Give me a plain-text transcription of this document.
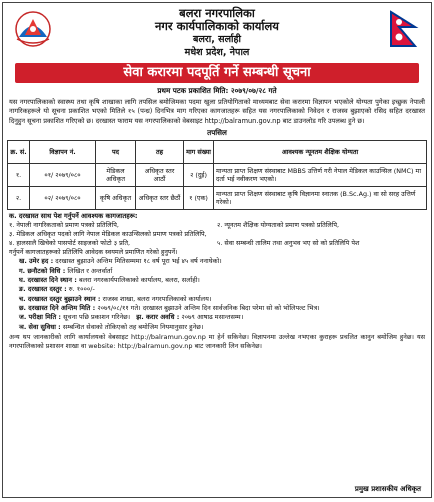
बलरा नगरपालिका
नगर कार्यपालिकाको कार्यालय
बलरा, सर्लाही
मधेश प्रदेश, नेपाल
सेवा करारमा पदपूर्ति गर्ने सम्बन्धी सूचना
प्रथम पटक प्रकाशित मिति: २०७९/०७/२८ गते
यस नगरपालिकाको स्वास्थ्य तथा कृषि शाखाका लागि तपसिल बमोजिमका पदमा खुला प्रतियोगिताको माध्यमबाट सेवा करारमा विज्ञापन भएकोले योग्यता पुगेका इच्छुक नेपाली नागरिकहरूले यो सूचना प्रकाशित भएको मितिले १५ (पन्ध्र) दिनभित्र माग गरिएका कागजातहरू सहित यस नगरपालिकाको निवेदन र राजस्व बुझाएको रसिद सहित दरखास्त दिनुहुन सूचना प्रकाशित गरिएको छ। दरखास्त फाराम यस नगरपालिकाको वेबसाइट http://balramun.gov.np बाट डाउनलोड गरि उपलब्ध हुने छ।
तपसिल
क्र. सं.	विज्ञापन नं.	पद	तह	माग संख्या	आवश्यक न्यूनतम शैक्षिक योग्यता
१.	०१/ २०७९/०८०	मेडिकल अधिकृत	अधिकृत स्तर आठौं	२ (दुई)	मान्यता प्राप्त शिक्षण संस्थाबाट MBBS उत्तिर्ण गरी नेपाल मेडिकल काउन्सिल (NMC) मा दर्ता भई नवीकरण भएको।
२.	०२/ २०७९/०८०	कृषि अधिकृत	अधिकृत स्तर छैठौं	१ (एक)	मान्यता प्राप्त शिक्षण संस्थाबाट कृषि विज्ञानमा स्नातक (B.Sc.Ag.) वा सो सरह उत्तिर्ण गरेको।
क. दरखास्त साथ पेश गर्नुपर्ने आवश्यक कागजातहरू:
१. नेपाली नागरिकताको प्रमाण पत्रको प्रतिलिपि,	२. न्यूनतम शैक्षिक योग्यताको प्रमाण पत्रको प्रतिलिपि,
३. मेडिकल अधिकृत पदको लागि नेपाल मेडिकल काउन्सिलको प्रमाण पत्रको प्रतिलिपि,
४. हालसालै खिचेको पासपोर्ट साइजको फोटो ३ प्रति,	५. सेवा सम्बन्धी तालिम तथा अनुभव भए सो को प्रतिलिपि पेश
गर्नुपर्ने कागजातहरूको प्रतिलिपि आवेदक स्वयमले प्रमाणित गरेको हुनुपर्ने।
ख. उमेर हद : दरखास्त बुझाउने अन्तिम मितिसम्ममा १८ वर्ष पूरा भई ४५ वर्ष ननाघेको।
ग. छनौटको विधि : लिखित र अन्तर्वार्ता
घ. दरखास्त दिने स्थान : बलरा नगरकार्यपालिकाको कार्यालय, बलरा, सर्लाही।
ङ. दरखास्त दस्तुर : रु. १०००/-
च. दरखास्त दस्तुर बुझाउने स्थान : राजस्व शाखा, बलरा नगरपालिकाको कार्यालय।
छ. दरखास्त दिने अन्तिम मिति : २०७९/०८/११ गते। दरखास्त बुझाउने अन्तिम दिन सार्वजनिक बिदा परेमा सो को भोलिपल्ट भित्र।
ज. परीक्षा मिति : सूचना पछि प्रकाशन गरिनेछ। झ. करार अवधि : २०७९ आषाढ मसान्तसम्म।
ञ. सेवा सुविधा : सम्बन्धित सेवाको तोकिएको तह बमोजिम नियमानुसार हुनेछ।
अन्य थप जानकारीको लागि कार्यालयको वेबसाइट http://balramun.gov.np मा हेर्न सकिनेछ। विज्ञापनमा उल्लेख नभएका कुराहरू प्रचलित कानुन बमोजिम हुनेछ। यस नगरपालिकाको प्रशासन शाखा वा website: http://balramun.gov.np बाट जानकारी लिन सकिनेछ।
प्रमुख प्रशासकीय अधिकृत
